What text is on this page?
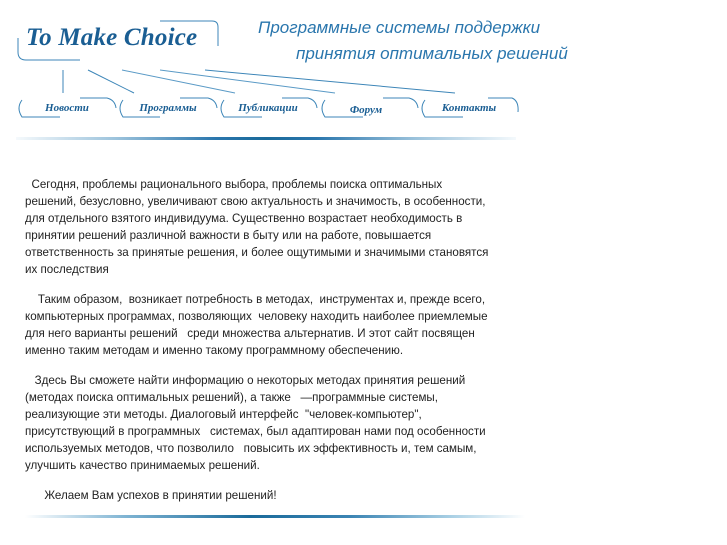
To Make Choice	Программные системы поддержки
принятия оптимальных решений
Новости	Программы	Публикации	Форум	Контакты

Сегодня, проблемы рационального выбора, проблемы поиска оптимальных
решений, безусловно, увеличивают свою актуальность и значимость, в особенности,
для отдельного взятого индивидуума. Существенно возрастает необходимость в
принятии решений различной важности в быту или на работе, повышается
ответственность за принятые решения, и более ощутимыми и значимыми становятся
их последствия

Таким образом,  возникает потребность в методах,  инструментах и, прежде всего,
компьютерных программах, позволяющих  человеку находить наиболее приемлемые
для него варианты решений   среди множества альтернатив. И этот сайт посвящен
именно таким методам и именно такому программному обеспечению.

Здесь Вы сможете найти информацию о некоторых методах принятия решений
(методах поиска оптимальных решений), а также   —программные системы,
реализующие эти методы. Диалоговый интерфейс  "человек-компьютер",
присутствующий в программных   системах, был адаптирован нами под особенности
используемых методов, что позволило   повысить их эффективность и, тем самым,
улучшить качество принимаемых решений.

Желаем Вам успехов в принятии решений!
